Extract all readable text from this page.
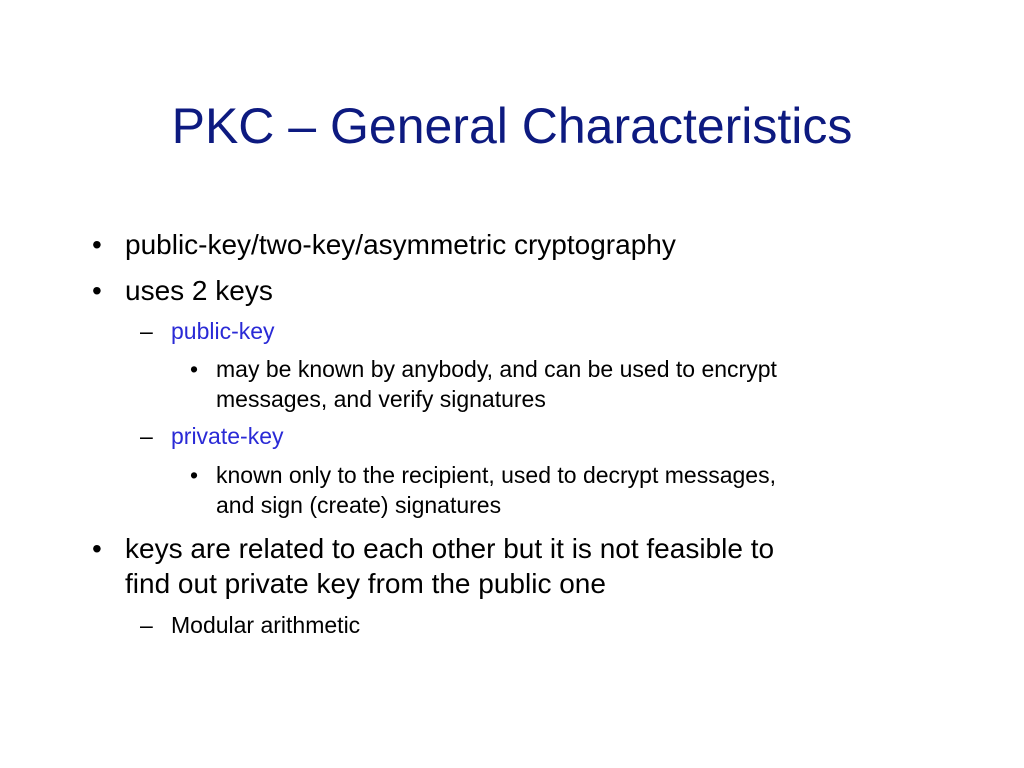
PKC – General Characteristics
• public-key/two-key/asymmetric cryptography
• uses 2 keys
– public-key
• may be known by anybody, and can be used to encrypt
messages, and verify signatures
– private-key
• known only to the recipient, used to decrypt messages,
and sign (create) signatures
• keys are related to each other but it is not feasible to
find out private key from the public one
– Modular arithmetic
